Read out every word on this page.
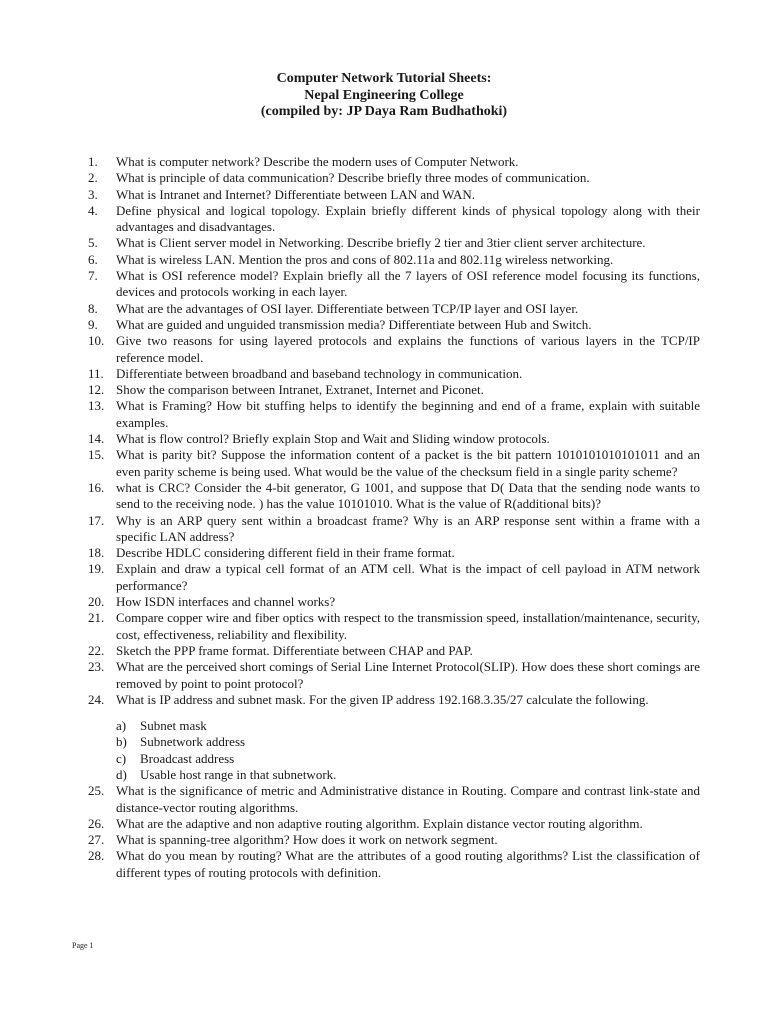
Computer Network Tutorial Sheets:
Nepal Engineering College
(compiled by: JP Daya Ram Budhathoki)
1.	What is computer network? Describe the modern uses of Computer Network.
2.	What is principle of data communication? Describe briefly three modes of communication.
3.	What is Intranet and Internet? Differentiate between LAN and WAN.
4.	Define physical and logical topology. Explain briefly different kinds of physical topology along with their advantages and disadvantages.
5.	What is Client server model in Networking. Describe briefly 2 tier and 3tier client server architecture.
6.	What is wireless LAN. Mention the pros and cons of 802.11a and 802.11g wireless networking.
7.	What is OSI reference model? Explain briefly all the 7 layers of OSI reference model focusing its functions, devices and protocols working in each layer.
8.	What are the advantages of OSI layer. Differentiate between TCP/IP layer and OSI layer.
9.	What are guided and unguided transmission media? Differentiate between Hub and Switch.
10. Give two reasons for using layered protocols and explains the functions of various layers in the TCP/IP reference model.
11. Differentiate between broadband and baseband technology in communication.
12. Show the comparison between Intranet, Extranet, Internet and Piconet.
13. What is Framing? How bit stuffing helps to identify the beginning and end of a frame, explain with suitable examples.
14. What is flow control? Briefly explain Stop and Wait and Sliding window protocols.
15. What is parity bit? Suppose the information content of a packet is the bit pattern 1010101010101011 and an even parity scheme is being used. What would be the value of the checksum field in a single parity scheme?
16. what is CRC? Consider the 4-bit generator, G 1001, and suppose that D( Data that the sending node wants to send to the receiving node. ) has the value 10101010. What is the value of R(additional bits)?
17. Why is an ARP query sent within a broadcast frame? Why is an ARP response sent within a frame with a specific LAN address?
18. Describe HDLC considering different field in their frame format.
19. Explain and draw a typical cell format of an ATM cell. What is the impact of cell payload in ATM network performance?
20. How ISDN interfaces and channel works?
21. Compare copper wire and fiber optics with respect to the transmission speed, installation/maintenance, security, cost, effectiveness, reliability and flexibility.
22. Sketch the PPP frame format. Differentiate between CHAP and PAP.
23. What are the perceived short comings of Serial Line Internet Protocol(SLIP). How does these short comings are removed by point to point protocol?
24. What is IP address and subnet mask. For the given IP address 192.168.3.35/27 calculate the following.
a)	Subnet mask
b)	Subnetwork address
c)	Broadcast address
d)	Usable host range in that subnetwork.
25. What is the significance of metric and Administrative distance in Routing. Compare and contrast link-state and distance-vector routing algorithms.
26. What are the adaptive and non adaptive routing algorithm. Explain distance vector routing algorithm.
27. What is spanning-tree algorithm? How does it work on network segment.
28. What do you mean by routing? What are the attributes of a good routing algorithms? List the classification of different types of routing protocols with definition.
Page 1
